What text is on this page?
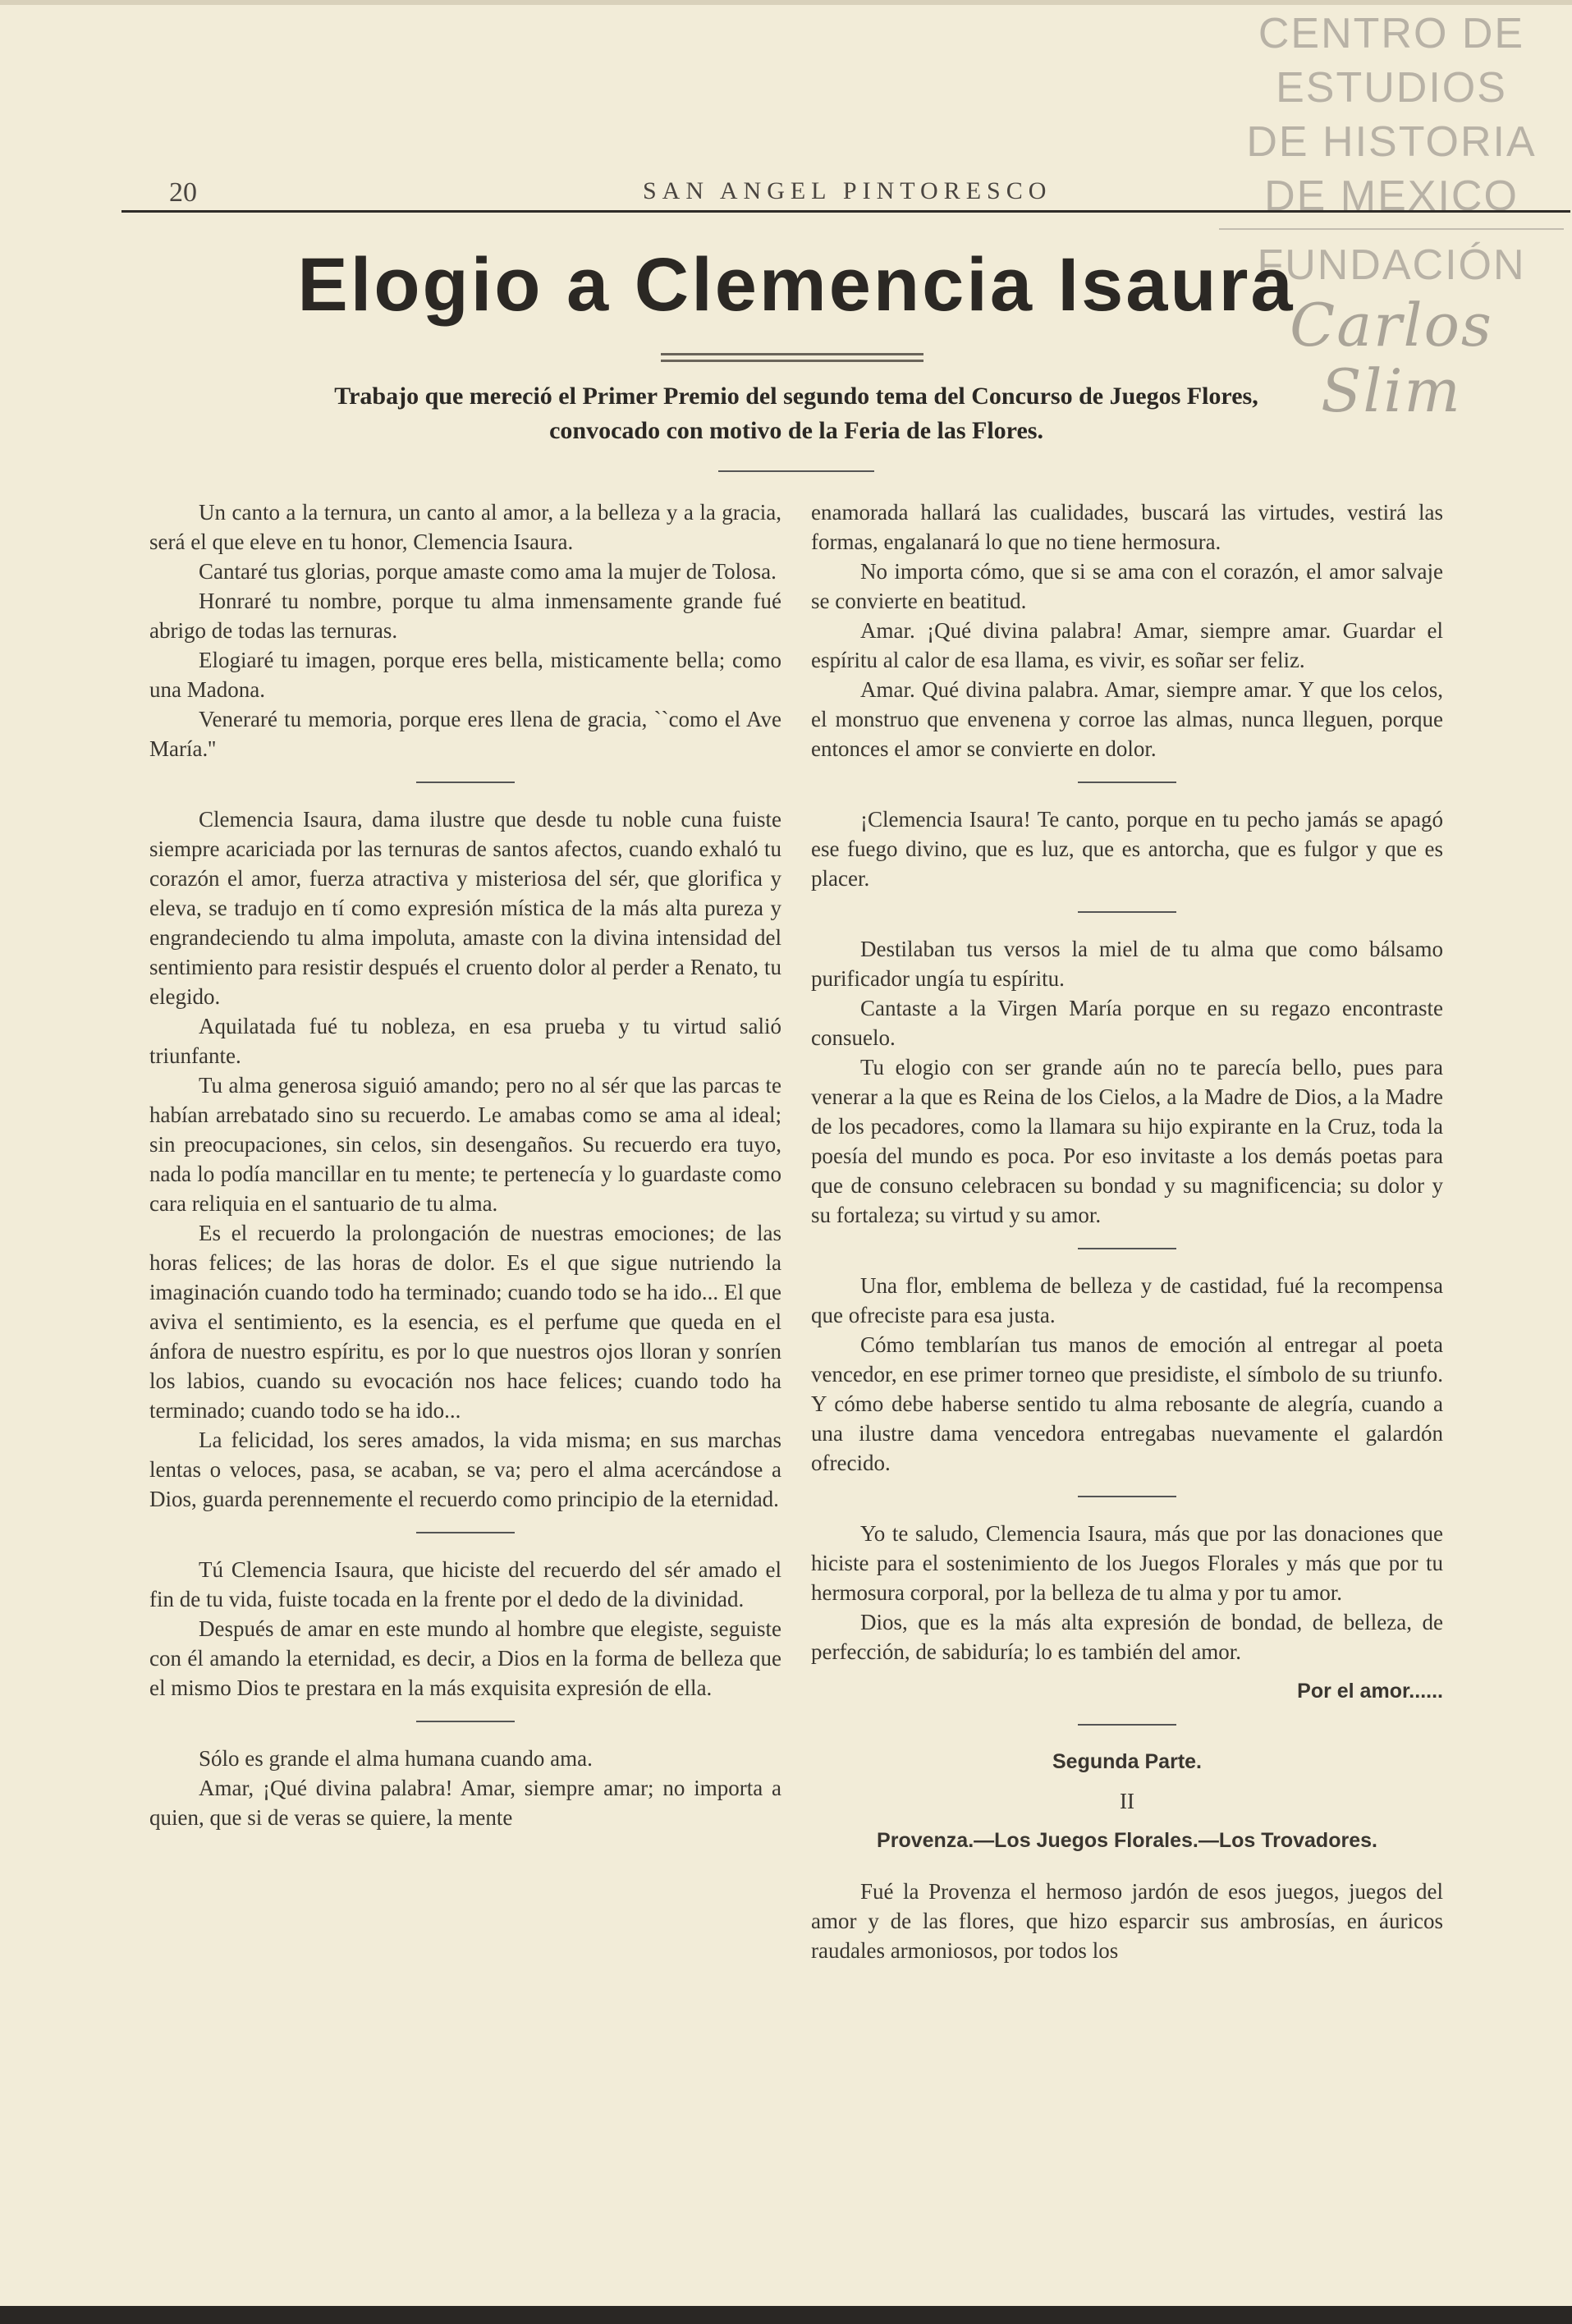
CENTRO DE
ESTUDIOS
DE HISTORIA
DE MEXICO
FUNDACIÓN
Carlos Slim
20	SAN ANGEL PINTORESCO
Elogio a Clemencia Isaura
Trabajo que mereció el Primer Premio del segundo tema del Concurso de Juegos Flores,
convocado con motivo de la Feria de las Flores.

Un canto a la ternura, un canto al amor, a la belleza y a la gracia, será el que eleve en tu honor, Clemencia Isaura.

Cantaré tus glorias, porque amaste como ama la mujer de Tolosa.

Honraré tu nombre, porque tu alma inmensamente grande fué abrigo de todas las ternuras.

Elogiaré tu imagen, porque eres bella, misticamente bella; como una Madona.

Veneraré tu memoria, porque eres llena de gracia, ``como el Ave María.''

Clemencia Isaura, dama ilustre que desde tu noble cuna fuiste siempre acariciada por las ternuras de santos afectos, cuando exhaló tu corazón el amor, fuerza atractiva y misteriosa del sér, que glorifica y eleva, se tradujo en tí como expresión mística de la más alta pureza y engrandeciendo tu alma impoluta, amaste con la divina intensidad del sentimiento para resistir después el cruento dolor al perder a Renato, tu elegido.

Aquilatada fué tu nobleza, en esa prueba y tu virtud salió triunfante.

Tu alma generosa siguió amando; pero no al sér que las parcas te habían arrebatado sino su recuerdo. Le amabas como se ama al ideal; sin preocupaciones, sin celos, sin desengaños. Su recuerdo era tuyo, nada lo podía mancillar en tu mente; te pertenecía y lo guardaste como cara reliquia en el santuario de tu alma.

Es el recuerdo la prolongación de nuestras emociones; de las horas felices; de las horas de dolor. Es el que sigue nutriendo la imaginación cuando todo ha terminado; cuando todo se ha ido... El que aviva el sentimiento, es la esencia, es el perfume que queda en el ánfora de nuestro espíritu, es por lo que nuestros ojos lloran y sonríen los labios, cuando su evocación nos hace felices; cuando todo ha terminado; cuando todo se ha ido...

La felicidad, los seres amados, la vida misma; en sus marchas lentas o veloces, pasa, se acaban, se va; pero el alma acercándose a Dios, guarda perennemente el recuerdo como principio de la eternidad.

Tú Clemencia Isaura, que hiciste del recuerdo del sér amado el fin de tu vida, fuiste tocada en la frente por el dedo de la divinidad.

Después de amar en este mundo al hombre que elegiste, seguiste con él amando la eternidad, es decir, a Dios en la forma de belleza que el mismo Dios te prestara en la más exquisita expresión de ella.

Sólo es grande el alma humana cuando ama.

Amar, ¡Qué divina palabra! Amar, siempre amar; no importa a quien, que si de veras se quiere, la mente

enamorada hallará las cualidades, buscará las virtudes, vestirá las formas, engalanará lo que no tiene hermosura.

No importa cómo, que si se ama con el corazón, el amor salvaje se convierte en beatitud.

Amar. ¡Qué divina palabra! Amar, siempre amar. Guardar el espíritu al calor de esa llama, es vivir, es soñar ser feliz.

Amar. Qué divina palabra. Amar, siempre amar. Y que los celos, el monstruo que envenena y corroe las almas, nunca lleguen, porque entonces el amor se convierte en dolor.

¡Clemencia Isaura! Te canto, porque en tu pecho jamás se apagó ese fuego divino, que es luz, que es antorcha, que es fulgor y que es placer.

Destilaban tus versos la miel de tu alma que como bálsamo purificador ungía tu espíritu.

Cantaste a la Virgen María porque en su regazo encontraste consuelo.

Tu elogio con ser grande aún no te parecía bello, pues para venerar a la que es Reina de los Cielos, a la Madre de Dios, a la Madre de los pecadores, como la llamara su hijo expirante en la Cruz, toda la poesía del mundo es poca. Por eso invitaste a los demás poetas para que de consuno celebracen su bondad y su magnificencia; su dolor y su fortaleza; su virtud y su amor.

Una flor, emblema de belleza y de castidad, fué la recompensa que ofreciste para esa justa.

Cómo temblarían tus manos de emoción al entregar al poeta vencedor, en ese primer torneo que presidiste, el símbolo de su triunfo. Y cómo debe haberse sentido tu alma rebosante de alegría, cuando a una ilustre dama vencedora entregabas nuevamente el galardón ofrecido.

Yo te saludo, Clemencia Isaura, más que por las donaciones que hiciste para el sostenimiento de los Juegos Florales y más que por tu hermosura corporal, por la belleza de tu alma y por tu amor.

Dios, que es la más alta expresión de bondad, de belleza, de perfección, de sabiduría; lo es también del amor.

Por el amor......

Segunda Parte.

II

Provenza.—Los Juegos Florales.—Los Trovadores.

Fué la Provenza el hermoso jardón de esos juegos, juegos del amor y de las flores, que hizo esparcir sus ambrosías, en áuricos raudales armoniosos, por todos los
